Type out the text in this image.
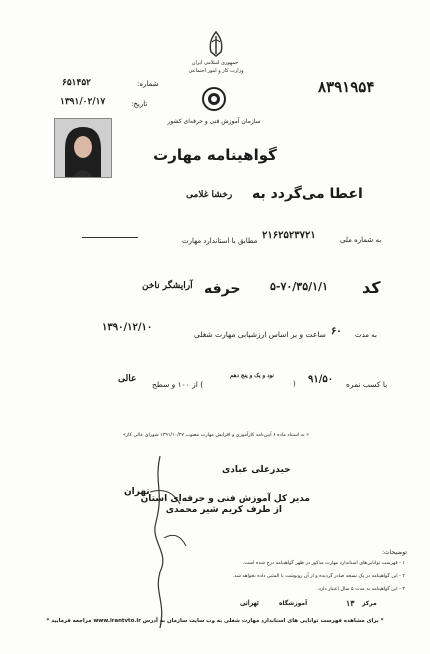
جمهوری اسلامی ایران
وزارت کار و امور اجتماعی
سازمان آموزش فنی و حرفه‌ای کشور
۸۳۹۱۹۵۴
شماره:
۶۵۱۴۵۲
تاریخ:
۱۳۹۱/۰۲/۱۷
گواهینامه مهارت
اعطا می‌گردد به
رخشا غلامی
به شماره ملی
۲۱۶۲۵۲۳۷۲۱
مطابق با استاندارد مهارت
کد
۵-۷۰/۳۵/۱/۱
حرفه
آرایشگر ناخن
به مدت
۶۰
ساعت و بر اساس ارزشیابی مهارت شغلی
۱۳۹۰/۱۲/۱۰
با کسب نمره
۹۱/۵۰
(
نود و یک و پنج دهم
) از ۱۰۰ و سطح
عالی
« به استناد ماده ۶ آیین‌نامه کارآموزی و افزایش مهارت مصوب ۱۳۹۱/۱۰/۲۷ شورای عالی کار»
حیدرعلی عبادی
تهران
مدیر کل آموزش فنی و حرفه‌ای استان
از طرف کریم شیر محمدی
توضیحات:
۱ - فهرست توانایی‌های استاندارد مهارت مذکور در ظهر گواهینامه درج شده است.
۲ - این گواهینامه در یک نسخه صادر گردیده و از آن رونوشت یا المثنی داده نخواهد شد.
۳ - این گواهینامه به مدت ۵ سال اعتبار دارد.
مرکز
۱۳
آموزشگاه
تهرانی
* برای مشاهده فهرست توانایی های استاندارد مهارت شغلی به وب سایت سازمان به آدرس www.irantvto.ir مراجعه فرمایید *
